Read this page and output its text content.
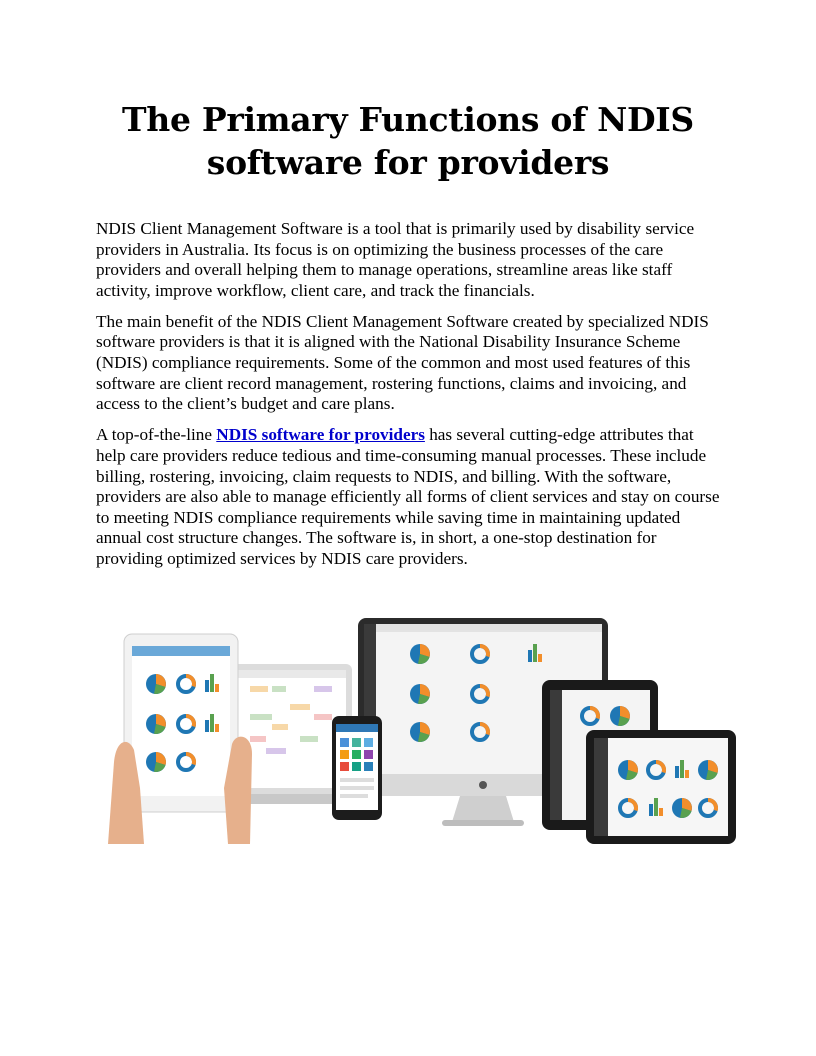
The Primary Functions of NDIS
software for providers

NDIS Client Management Software is a tool that is primarily used by disability service providers in Australia. Its focus is on optimizing the business processes of the care providers and overall helping them to manage operations, streamline areas like staff activity, improve workflow, client care, and track the financials.

The main benefit of the NDIS Client Management Software created by specialized NDIS software providers is that it is aligned with the National Disability Insurance Scheme (NDIS) compliance requirements. Some of the common and most used features of this software are client record management, rostering functions, claims and invoicing, and access to the client’s budget and care plans.

A top-of-the-line NDIS software for providers has several cutting-edge attributes that help care providers reduce tedious and time-consuming manual processes. These include billing, rostering, invoicing, claim requests to NDIS, and billing. With the software, providers are also able to manage efficiently all forms of client services and stay on course to meeting NDIS compliance requirements while saving time in maintaining updated annual cost structure changes. The software is, in short, a one-stop destination for providing optimized services by NDIS care providers.
